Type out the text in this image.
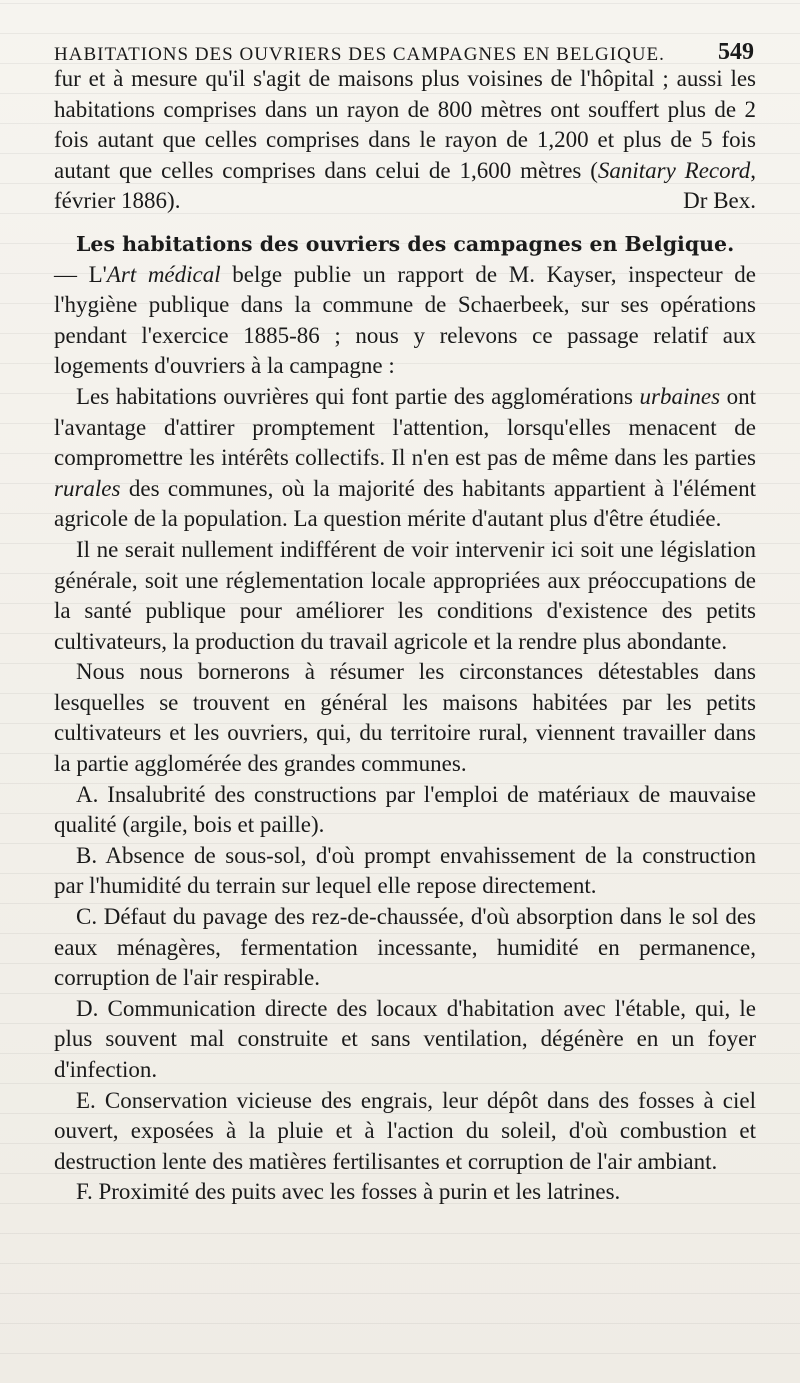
HABITATIONS DES OUVRIERS DES CAMPAGNES EN BELGIQUE. 549

fur et à mesure qu'il s'agit de maisons plus voisines de l'hôpital ; aussi les habitations comprises dans un rayon de 800 mètres ont souffert plus de 2 fois autant que celles comprises dans le rayon de 1,200 et plus de 5 fois autant que celles comprises dans celui de 1,600 mètres (Sanitary Record, février 1886).	Dr Bex.

Les habitations des ouvriers des campagnes en Belgique.

— L'Art médical belge publie un rapport de M. Kayser, inspecteur de l'hygiène publique dans la commune de Schaerbeek, sur ses opérations pendant l'exercice 1885-86 ; nous y relevons ce passage relatif aux logements d'ouvriers à la campagne :

Les habitations ouvrières qui font partie des agglomérations urbaines ont l'avantage d'attirer promptement l'attention, lorsqu'elles menacent de compromettre les intérêts collectifs. Il n'en est pas de même dans les parties rurales des communes, où la majorité des habitants appartient à l'élément agricole de la population. La question mérite d'autant plus d'être étudiée.

Il ne serait nullement indifférent de voir intervenir ici soit une législation générale, soit une réglementation locale appropriées aux préoccupations de la santé publique pour améliorer les conditions d'existence des petits cultivateurs, la production du travail agricole et la rendre plus abondante.

Nous nous bornerons à résumer les circonstances détestables dans lesquelles se trouvent en général les maisons habitées par les petits cultivateurs et les ouvriers, qui, du territoire rural, viennent travailler dans la partie agglomérée des grandes communes.

A. Insalubrité des constructions par l'emploi de matériaux de mauvaise qualité (argile, bois et paille).

B. Absence de sous-sol, d'où prompt envahissement de la construction par l'humidité du terrain sur lequel elle repose directement.

C. Défaut du pavage des rez-de-chaussée, d'où absorption dans le sol des eaux ménagères, fermentation incessante, humidité en permanence, corruption de l'air respirable.

D. Communication directe des locaux d'habitation avec l'étable, qui, le plus souvent mal construite et sans ventilation, dégénère en un foyer d'infection.

E. Conservation vicieuse des engrais, leur dépôt dans des fosses à ciel ouvert, exposées à la pluie et à l'action du soleil, d'où combustion et destruction lente des matières fertilisantes et corruption de l'air ambiant.

F. Proximité des puits avec les fosses à purin et les latrines.
